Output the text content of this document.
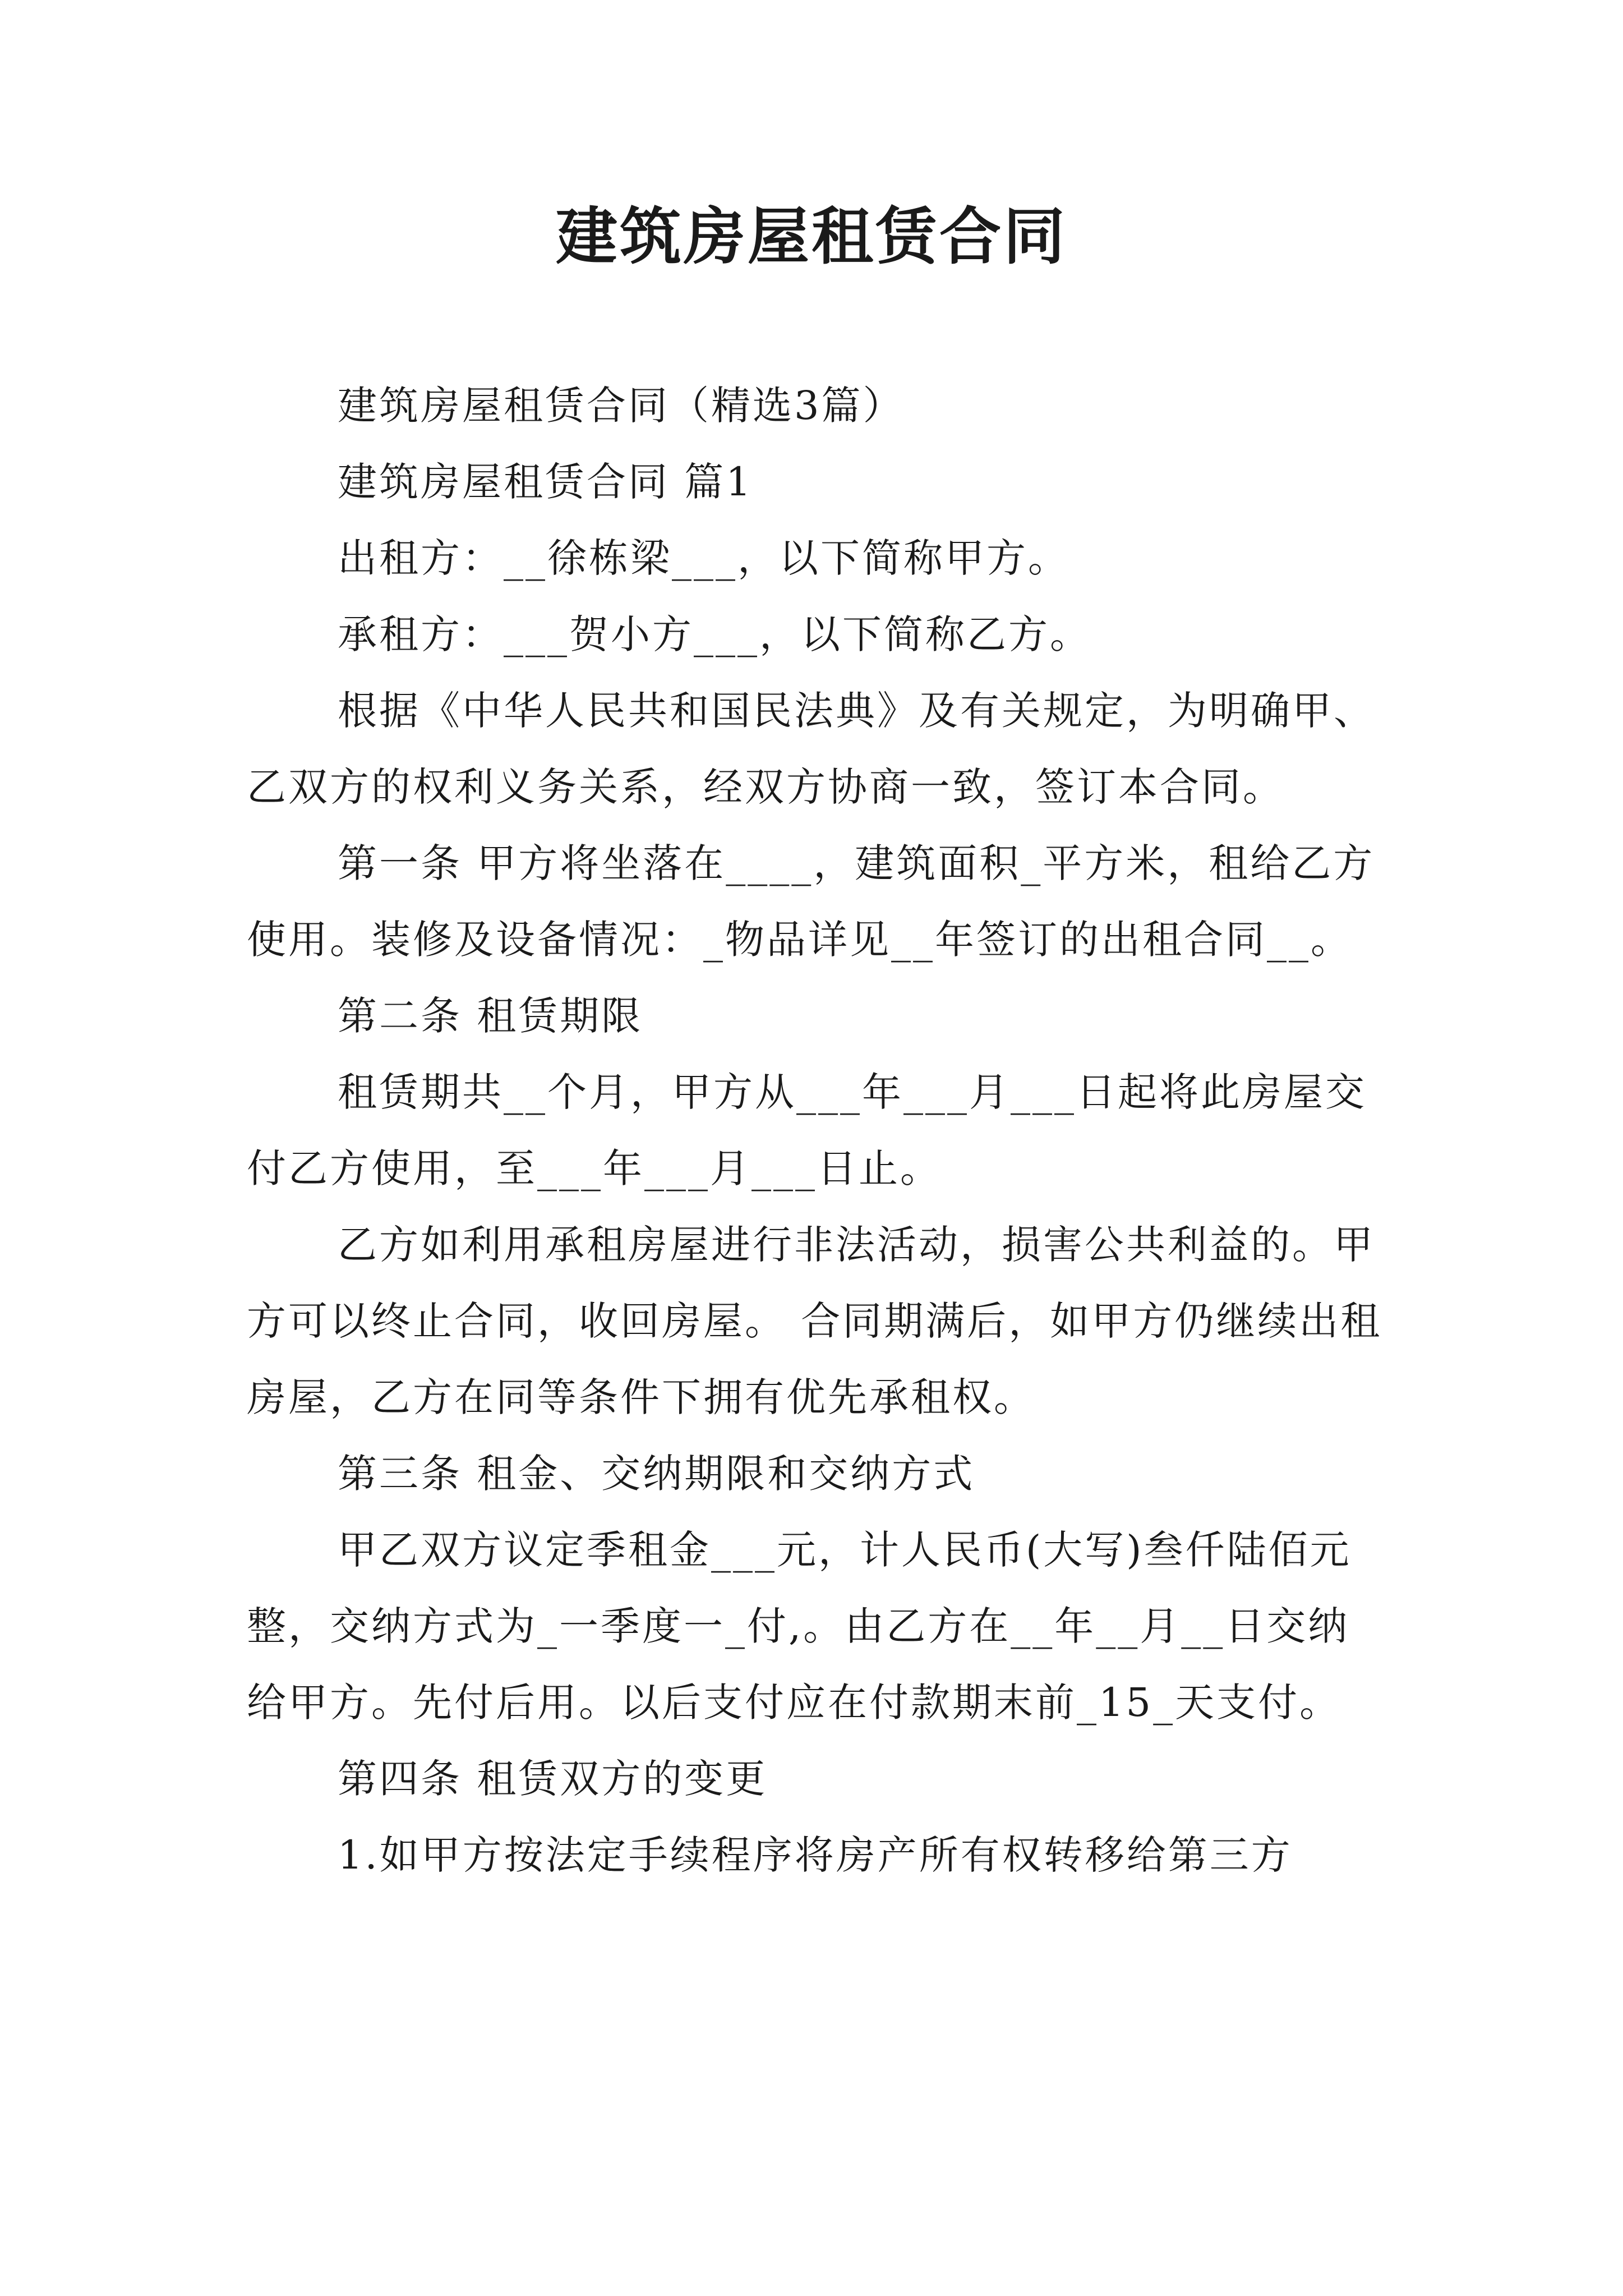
建筑房屋租赁合同

建筑房屋租赁合同（精选3篇）

建筑房屋租赁合同 篇1

出租方：__徐栋梁___，以下简称甲方。

承租方：___贺小方___，以下简称乙方。

根据《中华人民共和国民法典》及有关规定，为明确甲、乙双方的权利义务关系，经双方协商一致，签订本合同。

第一条 甲方将坐落在____，建筑面积_平方米，租给乙方使用。装修及设备情况：_物品详见__年签订的出租合同__。

第二条 租赁期限

租赁期共__个月，甲方从___年___月___日起将此房屋交付乙方使用，至___年___月___日止。

乙方如利用承租房屋进行非法活动，损害公共利益的。甲方可以终止合同，收回房屋。 合同期满后，如甲方仍继续出租房屋，乙方在同等条件下拥有优先承租权。

第三条 租金、交纳期限和交纳方式

甲乙双方议定季租金___元，计人民币(大写)叁仟陆佰元整，交纳方式为_一季度一_付,。由乙方在__年__月__日交纳给甲方。先付后用。以后支付应在付款期末前_15_天支付。

第四条 租赁双方的变更

1.如甲方按法定手续程序将房产所有权转移给第三方
